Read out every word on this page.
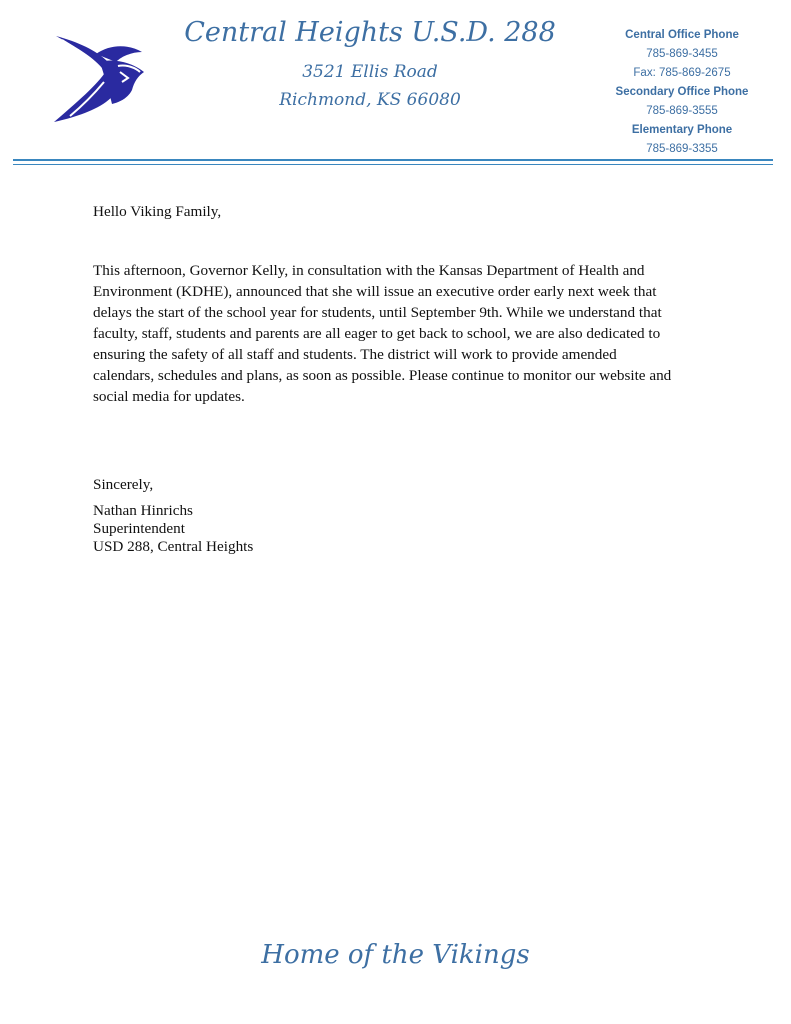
Central Heights U.S.D. 288
3521 Ellis Road
Richmond, KS 66080
Central Office Phone
785-869-3455
Fax: 785-869-2675
Secondary Office Phone
785-869-3555
Elementary Phone
785-869-3355
Hello Viking Family,
This afternoon, Governor Kelly, in consultation with the Kansas Department of Health and
Environment (KDHE), announced that she will issue an executive order early next week that
delays the start of the school year for students, until September 9th. While we understand that
faculty, staff, students and parents are all eager to get back to school, we are also dedicated to
ensuring the safety of all staff and students. The district will work to provide amended
calendars, schedules and plans, as soon as possible. Please continue to monitor our website and
social media for updates.
Sincerely,
Nathan Hinrichs
Superintendent
USD 288, Central Heights
Home of the Vikings
